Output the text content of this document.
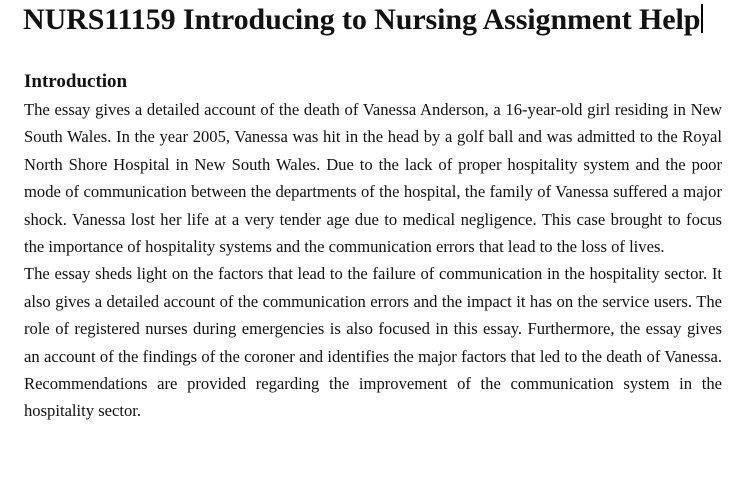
NURS11159 Introducing to Nursing Assignment Help
Introduction

The essay gives a detailed account of the death of Vanessa Anderson, a 16-year-old girl residing in New South Wales. In the year 2005, Vanessa was hit in the head by a golf ball and was admitted to the Royal North Shore Hospital in New South Wales. Due to the lack of proper hospitality system and the poor mode of communication between the departments of the hospital, the family of Vanessa suffered a major shock. Vanessa lost her life at a very tender age due to medical negligence. This case brought to focus the importance of hospitality systems and the communication errors that lead to the loss of lives.

The essay sheds light on the factors that lead to the failure of communication in the hospitality sector. It also gives a detailed account of the communication errors and the impact it has on the service users. The role of registered nurses during emergencies is also focused in this essay. Furthermore, the essay gives an account of the findings of the coroner and identifies the major factors that led to the death of Vanessa. Recommendations are provided regarding the improvement of the communication system in the hospitality sector.
